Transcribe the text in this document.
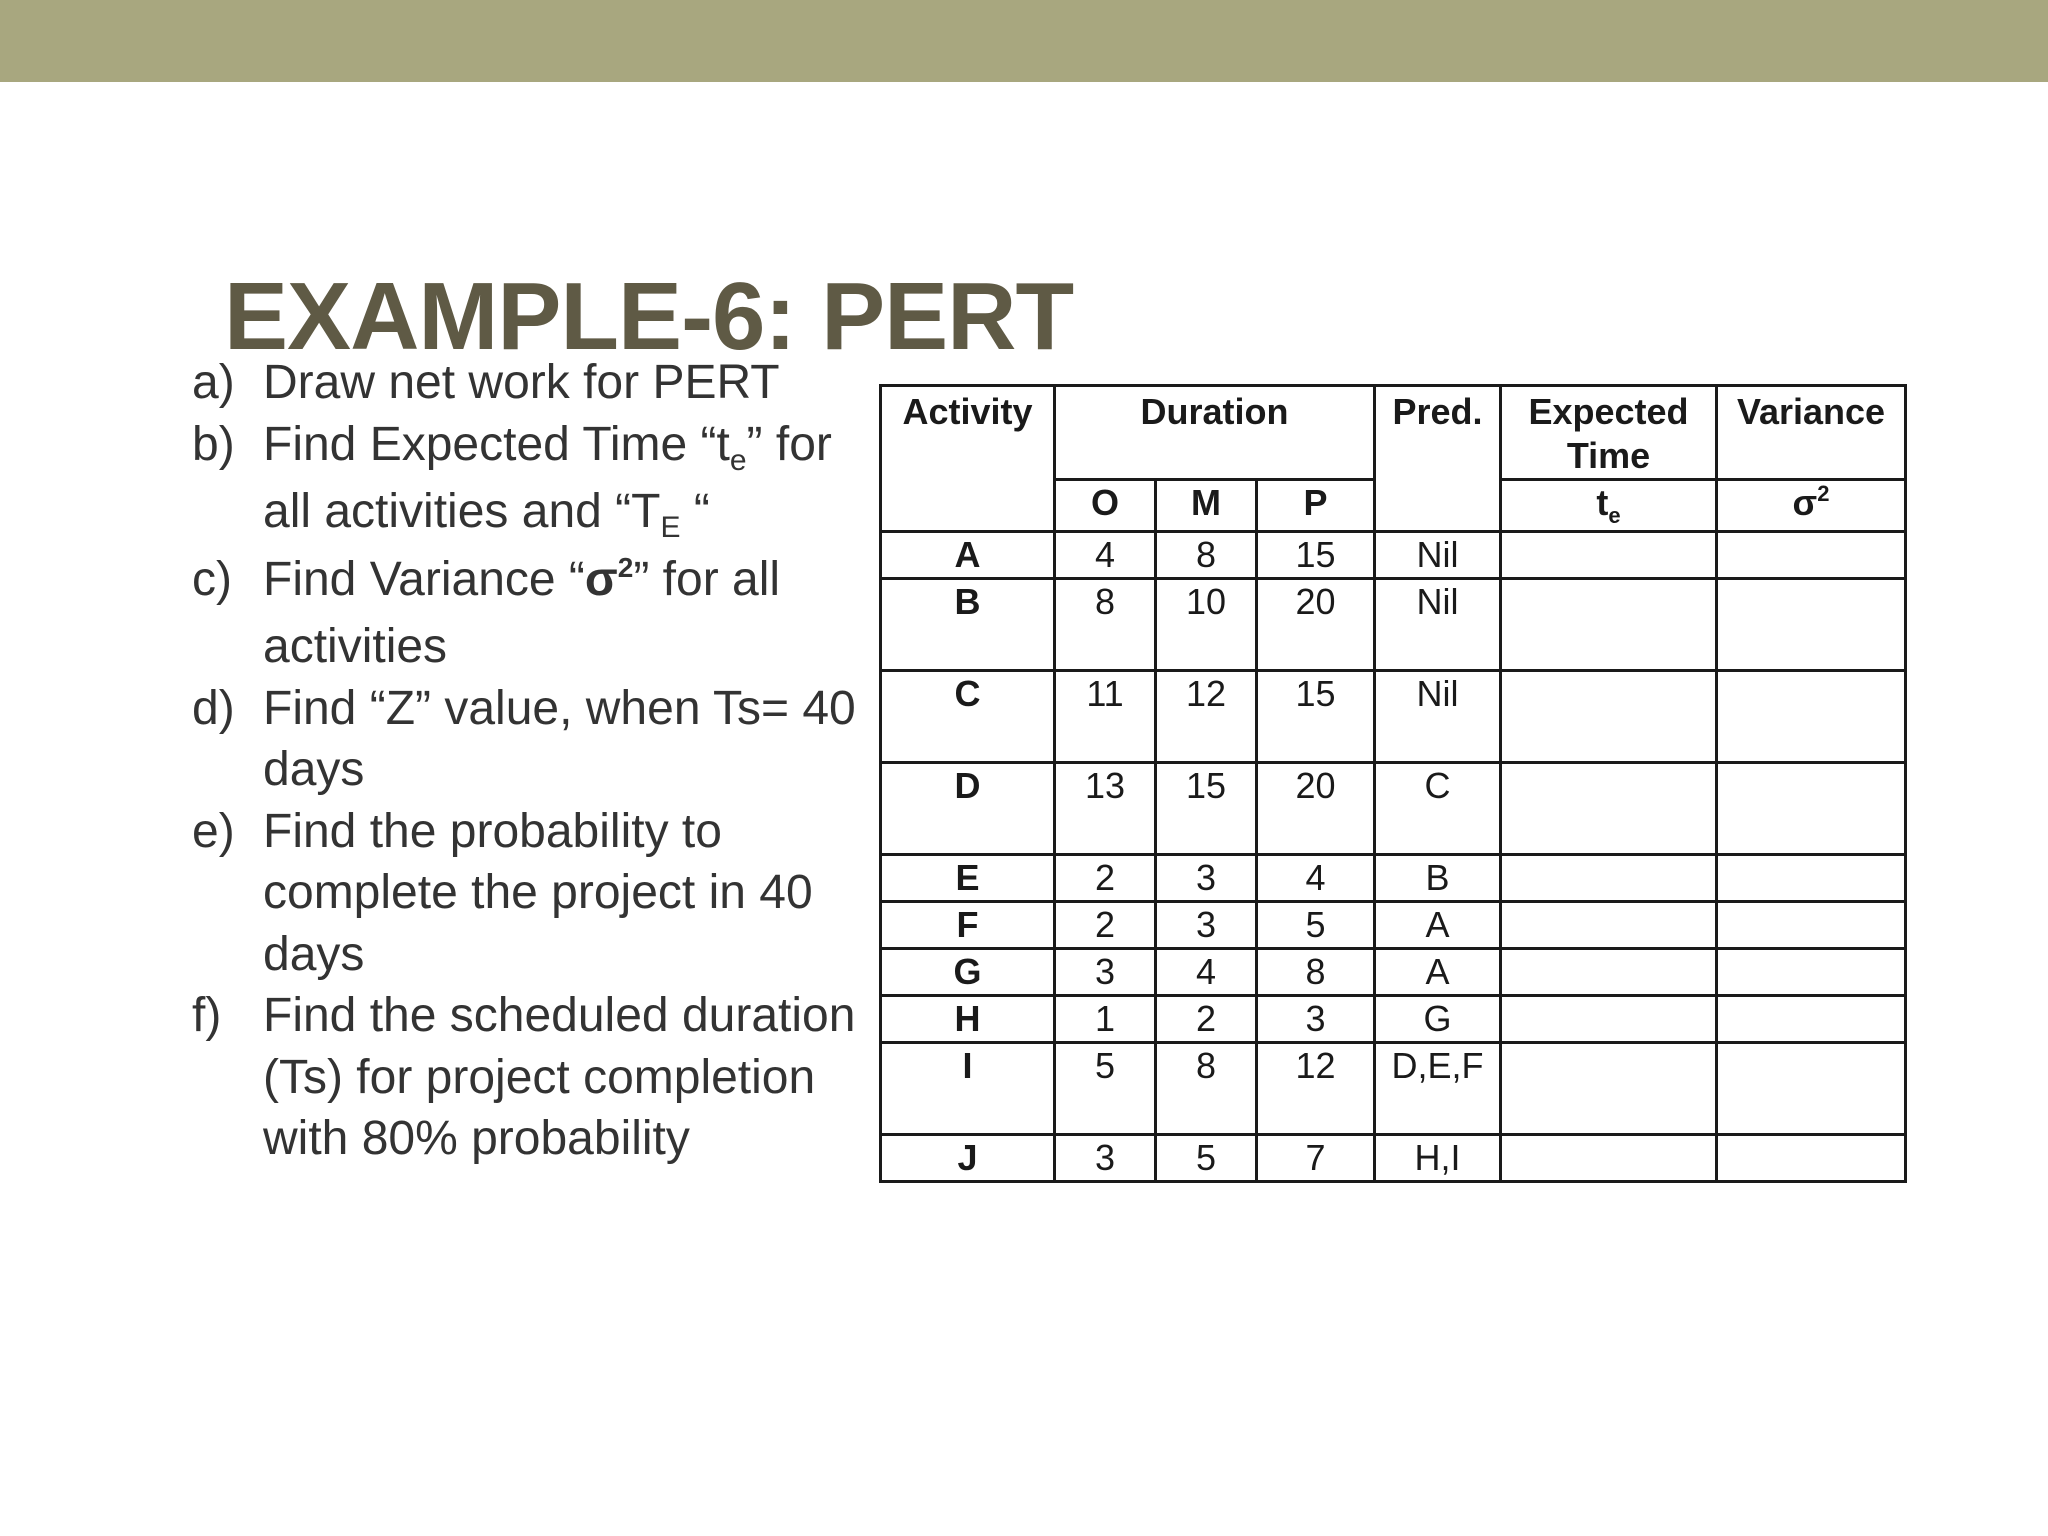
EXAMPLE-6: PERT
a) Draw net work for PERT
b) Find Expected Time “$t_e$” for all activities and “$T_E$ “
c) Find Variance “$\sigma^2$” for all activities
d) Find “Z” value, when Ts= 40 days
e) Find the probability to complete the project in 40 days
f) Find the scheduled duration (Ts) for project completion with 80% probability
Activity	Duration			Pred.	Expected Time	Variance

	O	M	P		$t_e$	$\sigma^2$
A	4	8	15	Nil		
B	8	10	20	Nil		
C	11	12	15	Nil		
D	13	15	20	C		
E	2	3	4	B		
F	2	3	5	A		
G	3	4	8	A		
H	1	2	3	G		
I	5	8	12	D,E,F		
J	3	5	7	H,I		
